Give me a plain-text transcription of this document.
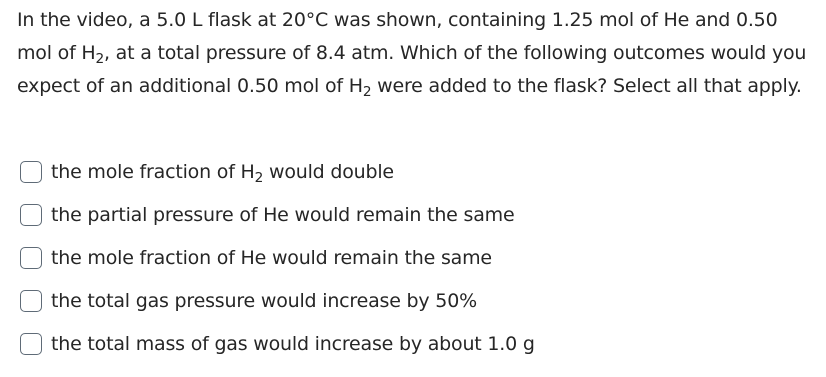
In the video, a 5.0 L flask at 20°C was shown, containing 1.25 mol of He and 0.50 mol of $H_2$, at a total pressure of 8.4 atm. Which of the following outcomes would you expect of an additional 0.50 mol of $H_2$ were added to the flask? Select all that apply.
the mole fraction of $H_2$ would double
the partial pressure of He would remain the same
the mole fraction of He would remain the same
the total gas pressure would increase by 50%
the total mass of gas would increase by about 1.0 g
